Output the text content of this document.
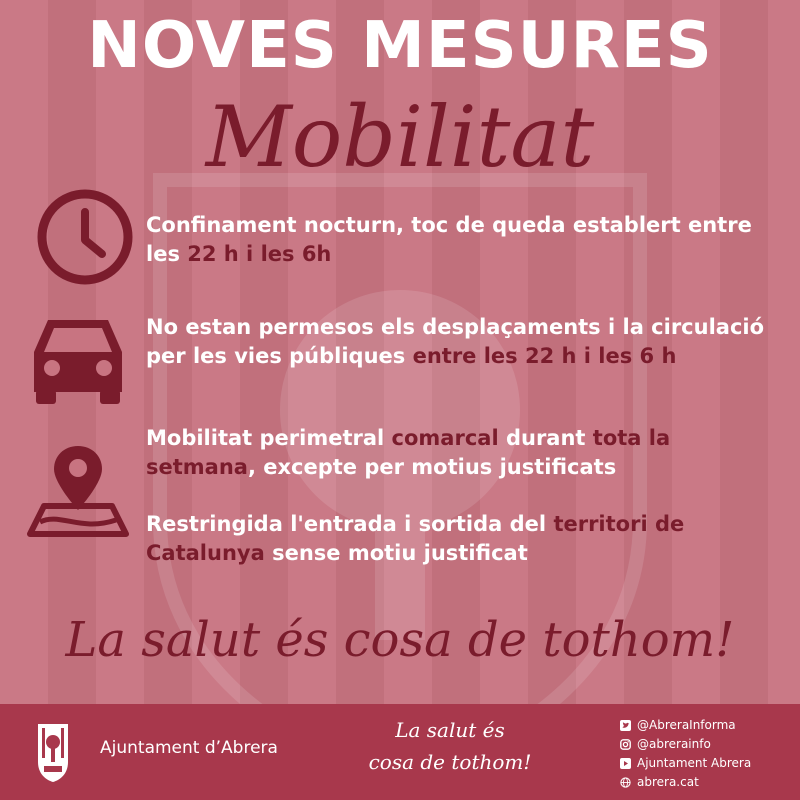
NOVES MESURES
Mobilitat
Confinament nocturn, toc de queda establert entre les 22 h i les 6h
No estan permesos els desplaçaments i la circulació per les vies públiques entre les 22 h i les 6 h
Mobilitat perimetral comarcal durant tota la setmana, excepte per motius justificats
Restringida l'entrada i sortida del territori de Catalunya sense motiu justificat
La salut és cosa de tothom!
Ajuntament d’Abrera
La salut és
cosa de tothom!
@AbreraInforma
@abrerainfo
Ajuntament Abrera
abrera.cat
